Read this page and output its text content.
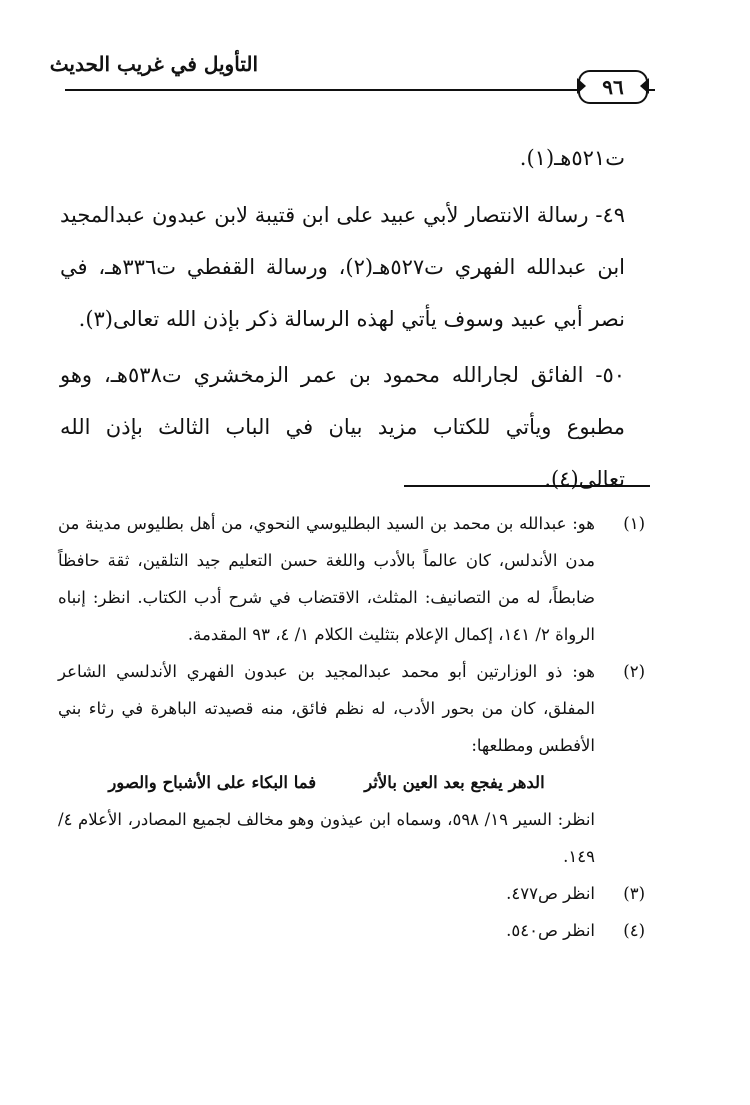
التأويل في غريب الحديث
٩٦

ت٥٢١هـ(١).

٤٩- رسالة الانتصار لأبي عبيد على ابن قتيبة لابن عبدون عبدالمجيد ابن عبدالله الفهري ت٥٢٧هـ(٢)، ورسالة القفطي ت٣٣٦هـ، في نصر أبي عبيد وسوف يأتي لهذه الرسالة ذكر بإذن الله تعالى(٣).

٥٠- الفائق لجارالله محمود بن عمر الزمخشري ت٥٣٨هـ، وهو مطبوع ويأتي للكتاب مزيد بيان في الباب الثالث بإذن الله تعالى(٤).

(١)
هو: عبدالله بن محمد بن السيد البطليوسي النحوي، من أهل بطليوس مدينة من مدن الأندلس، كان عالماً بالأدب واللغة حسن التعليم جيد التلقين، ثقة حافظاً ضابطاً، له من التصانيف: المثلث، الاقتضاب في شرح أدب الكتاب. انظر: إنباه الرواة ٢/ ١٤١، إكمال الإعلام بتثليث الكلام ١/ ٤، ٩٣ المقدمة.
(٢)
هو: ذو الوزارتين أبو محمد عبدالمجيد بن عبدون الفهري الأندلسي الشاعر المفلق، كان من بحور الأدب، له نظم فائق، منه قصيدته الباهرة في رثاء بني الأفطس ومطلعها:
الدهر يفجع بعد العين بالأثر
فما البكاء على الأشباح والصور
انظر: السير ١٩/ ٥٩٨، وسماه ابن عيذون وهو مخالف لجميع المصادر، الأعلام ٤/ ١٤٩.
(٣)
انظر ص٤٧٧.
(٤)
انظر ص٥٤٠.
